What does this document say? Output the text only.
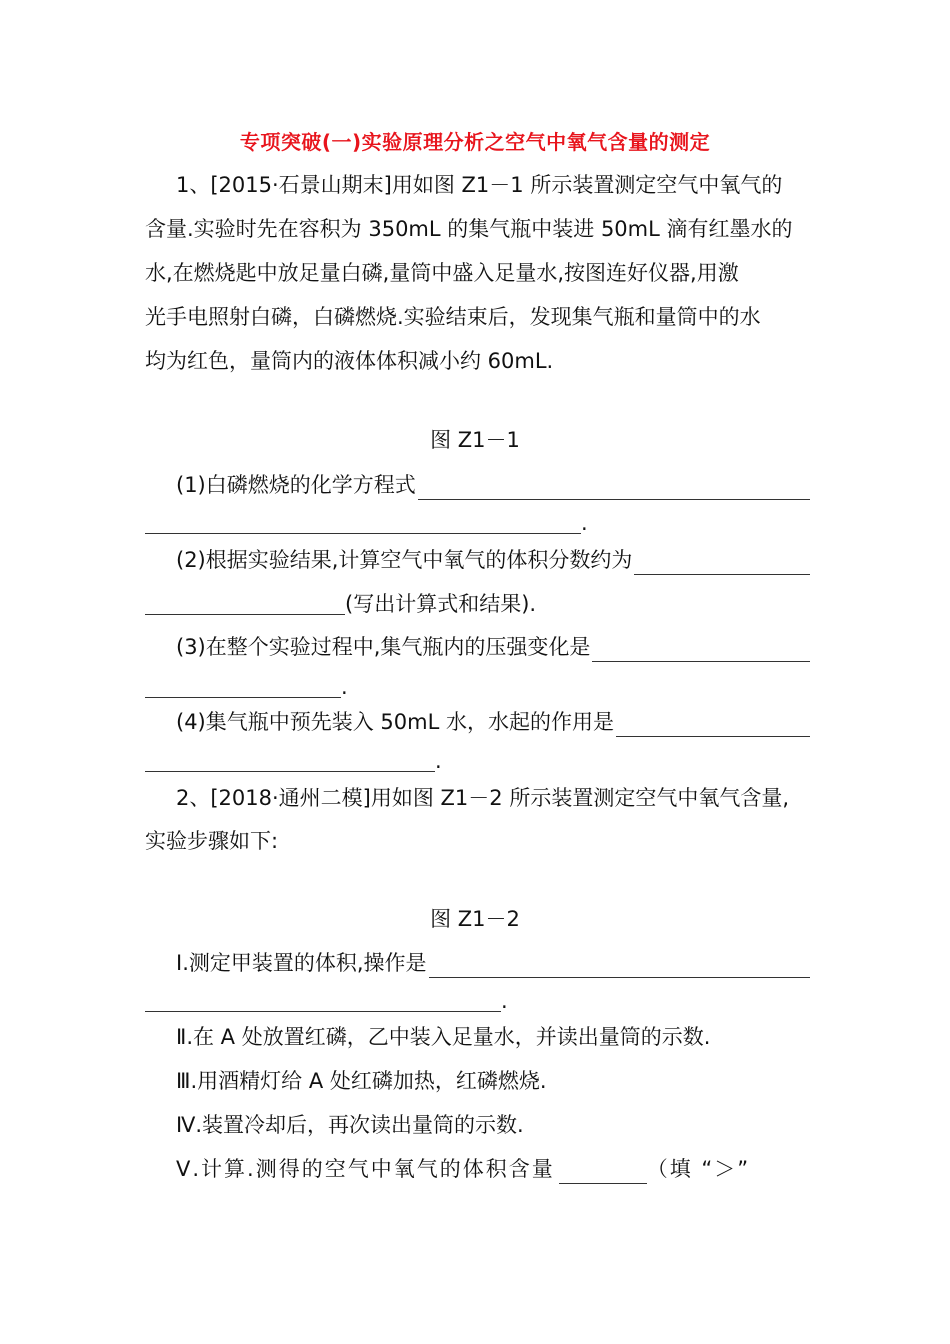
专项突破(一)实验原理分析之空气中氧气含量的测定
1、[2015·石景山期末]用如图 Z1－1 所示装置测定空气中氧气的
含量.实验时先在容积为 350mL 的集气瓶中装进 50mL 滴有红墨水的
水,在燃烧匙中放足量白磷,量筒中盛入足量水,按图连好仪器,用激
光手电照射白磷，白磷燃烧.实验结束后，发现集气瓶和量筒中的水
均为红色，量筒内的液体体积减小约 60mL.
图 Z1－1
(1)白磷燃烧的化学方程式
.
(2)根据实验结果,计算空气中氧气的体积分数约为
(写出计算式和结果).
(3)在整个实验过程中,集气瓶内的压强变化是
.
(4)集气瓶中预先装入 50mL 水，水起的作用是
.
2、[2018·通州二模]用如图 Z1－2 所示装置测定空气中氧气含量,
实验步骤如下:
图 Z1－2
Ⅰ.测定甲装置的体积,操作是
.
Ⅱ.在 A 处放置红磷，乙中装入足量水，并读出量筒的示数.
Ⅲ.用酒精灯给 A 处红磷加热，红磷燃烧.
Ⅳ.装置冷却后，再次读出量筒的示数.
Ⅴ.计算.测得的空气中氧气的体积含量	（填 “＞”
